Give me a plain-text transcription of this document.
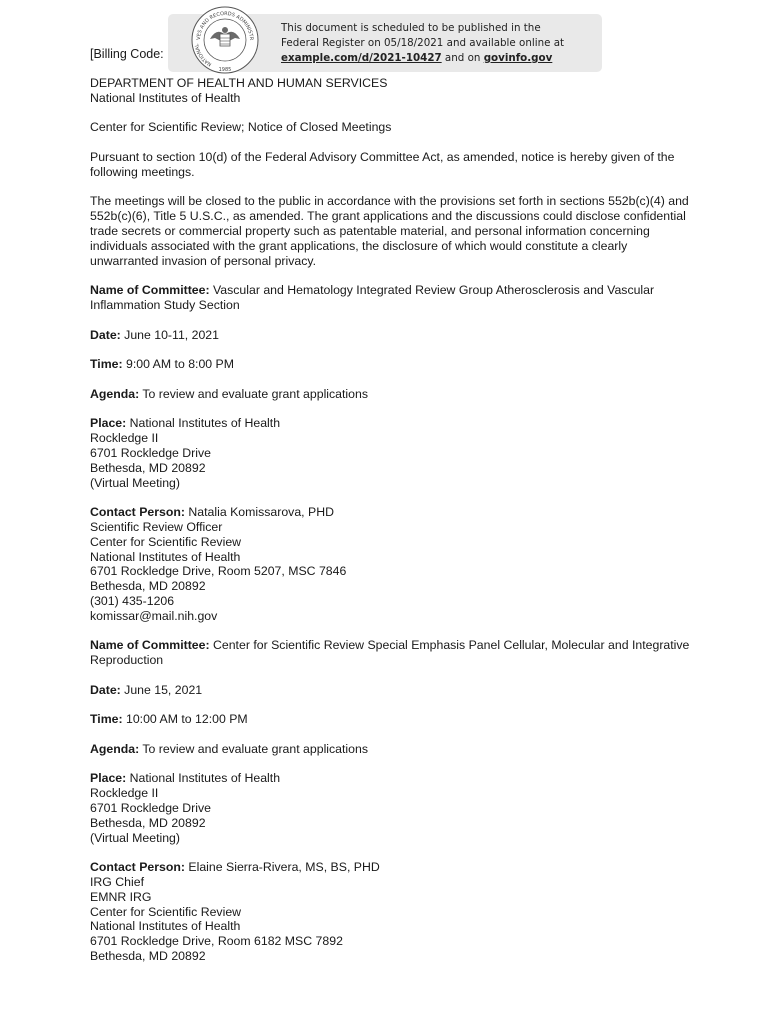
VES AND RECORDS ADMINISTR
NATIONAL
1985
This document is scheduled to be published in the
Federal Register on 05/18/2021 and available online at
example.com/d/2021-10427 and on govinfo.gov
[Billing Code:
DEPARTMENT OF HEALTH AND HUMAN SERVICES

National Institutes of Health

Center for Scientific Review; Notice of Closed Meetings

Pursuant to section 10(d) of the Federal Advisory Committee Act, as amended, notice is hereby given of the following meetings.

The meetings will be closed to the public in accordance with the provisions set forth in sections 552b(c)(4) and 552b(c)(6), Title 5 U.S.C., as amended. The grant applications and the discussions could disclose confidential trade secrets or commercial property such as patentable material, and personal information concerning individuals associated with the grant applications, the disclosure of which would constitute a clearly unwarranted invasion of personal privacy.

Name of Committee: Vascular and Hematology Integrated Review Group Atherosclerosis and Vascular Inflammation Study Section

Date: June 10-11, 2021

Time: 9:00 AM to 8:00 PM

Agenda: To review and evaluate grant applications

Place: National Institutes of Health
Rockledge II
6701 Rockledge Drive
Bethesda, MD 20892

(Virtual Meeting)

Contact Person: Natalia Komissarova, PHD
Scientific Review Officer
Center for Scientific Review
National Institutes of Health
6701 Rockledge Drive, Room 5207, MSC 7846
Bethesda, MD 20892
(301) 435-1206

komissar@mail.nih.gov

Name of Committee: Center for Scientific Review Special Emphasis Panel Cellular, Molecular and Integrative Reproduction

Date: June 15, 2021

Time: 10:00 AM to 12:00 PM

Agenda: To review and evaluate grant applications

Place: National Institutes of Health
Rockledge II
6701 Rockledge Drive
Bethesda, MD 20892

(Virtual Meeting)

Contact Person: Elaine Sierra-Rivera, MS, BS, PHD
IRG Chief
EMNR IRG
Center for Scientific Review
National Institutes of Health
6701 Rockledge Drive, Room 6182 MSC 7892
Bethesda, MD 20892
